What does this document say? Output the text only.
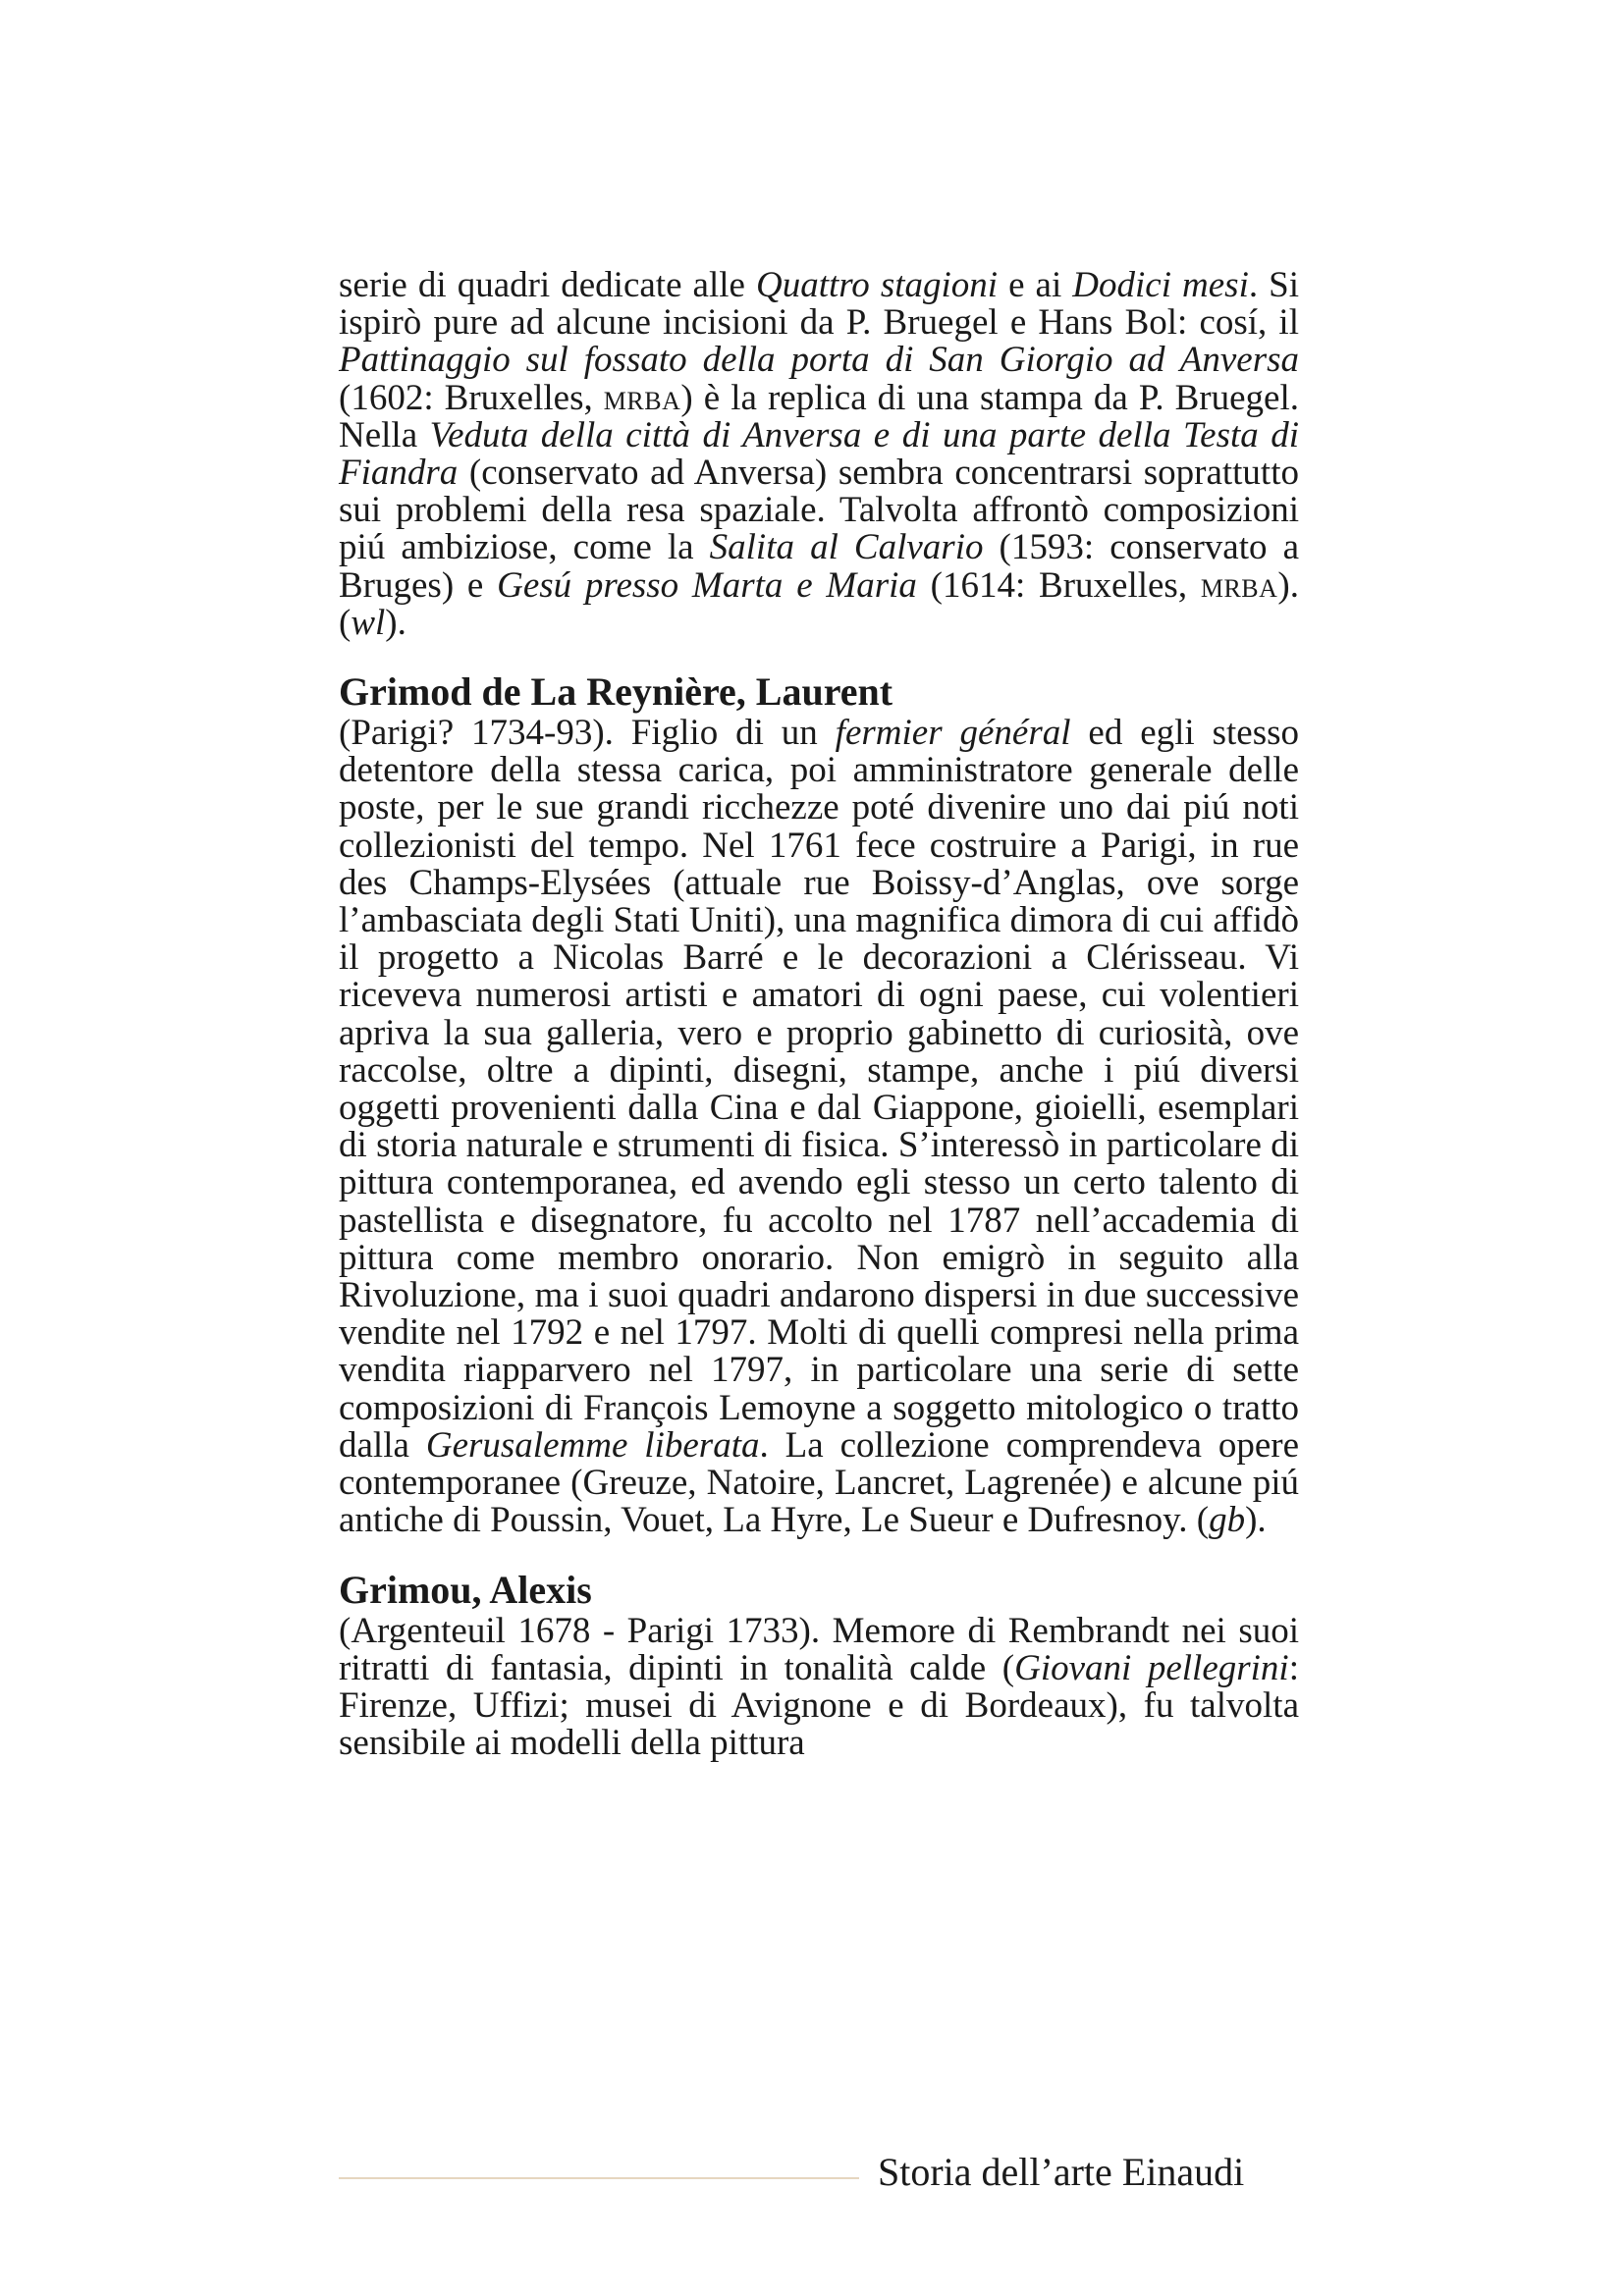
serie di quadri dedicate alle Quattro stagioni e ai Dodici mesi. Si ispirò pure ad alcune incisioni da P. Bruegel e Hans Bol: cosí, il Pattinaggio sul fossato della porta di San Giorgio ad Anversa (1602: Bruxelles, mrba) è la replica di una stampa da P. Bruegel. Nella Veduta della città di Anversa e di una parte della Testa di Fiandra (conservato ad Anversa) sembra concentrarsi soprattutto sui problemi della resa spaziale. Talvolta affrontò composizioni piú ambiziose, come la Salita al Calvario (1593: conservato a Bruges) e Gesú presso Marta e Maria (1614: Bruxelles, mrba).(wl).

Grimod de La Reynière, Laurent

(Parigi? 1734-93). Figlio di un fermier général ed egli stesso detentore della stessa carica, poi amministratore generale delle poste, per le sue grandi ricchezze poté divenire uno dai piú noti collezionisti del tempo. Nel 1761 fece costruire a Parigi, in rue des Champs-Elysées (attuale rue Boissy-d’Anglas, ove sorge l’ambasciata degli Stati Uniti), una magnifica dimora di cui affidò il progetto a Nicolas Barré e le decorazioni a Clérisseau. Vi riceveva numerosi artisti e amatori di ogni paese, cui volentieri apriva la sua galleria, vero e proprio gabinetto di curiosità, ove raccolse, oltre a dipinti, disegni, stampe, anche i piú diversi oggetti provenienti dalla Cina e dal Giappone, gioielli, esemplari di storia naturale e strumenti di fisica. S’interessò in particolare di pittura contemporanea, ed avendo egli stesso un certo talento di pastellista e disegnatore, fu accolto nel 1787 nell’accademia di pittura come membro onorario. Non emigrò in seguito alla Rivoluzione, ma i suoi quadri andarono dispersi in due successive vendite nel 1792 e nel 1797. Molti di quelli compresi nella prima vendita riapparvero nel 1797, in particolare una serie di sette composizioni di François Lemoyne a soggetto mitologico o tratto dalla Gerusalemme liberata. La collezione comprendeva opere contemporanee (Greuze, Natoire, Lancret, Lagrenée) e alcune piú antiche di Poussin, Vouet, La Hyre, Le Sueur e Dufresnoy. (gb).

Grimou, Alexis

(Argenteuil 1678 - Parigi 1733). Memore di Rembrandt nei suoi ritratti di fantasia, dipinti in tonalità calde (Giovani pellegrini: Firenze, Uffizi; musei di Avignone e di Bordeaux), fu talvolta sensibile ai modelli della pittura

Storia dell’arte Einaudi
